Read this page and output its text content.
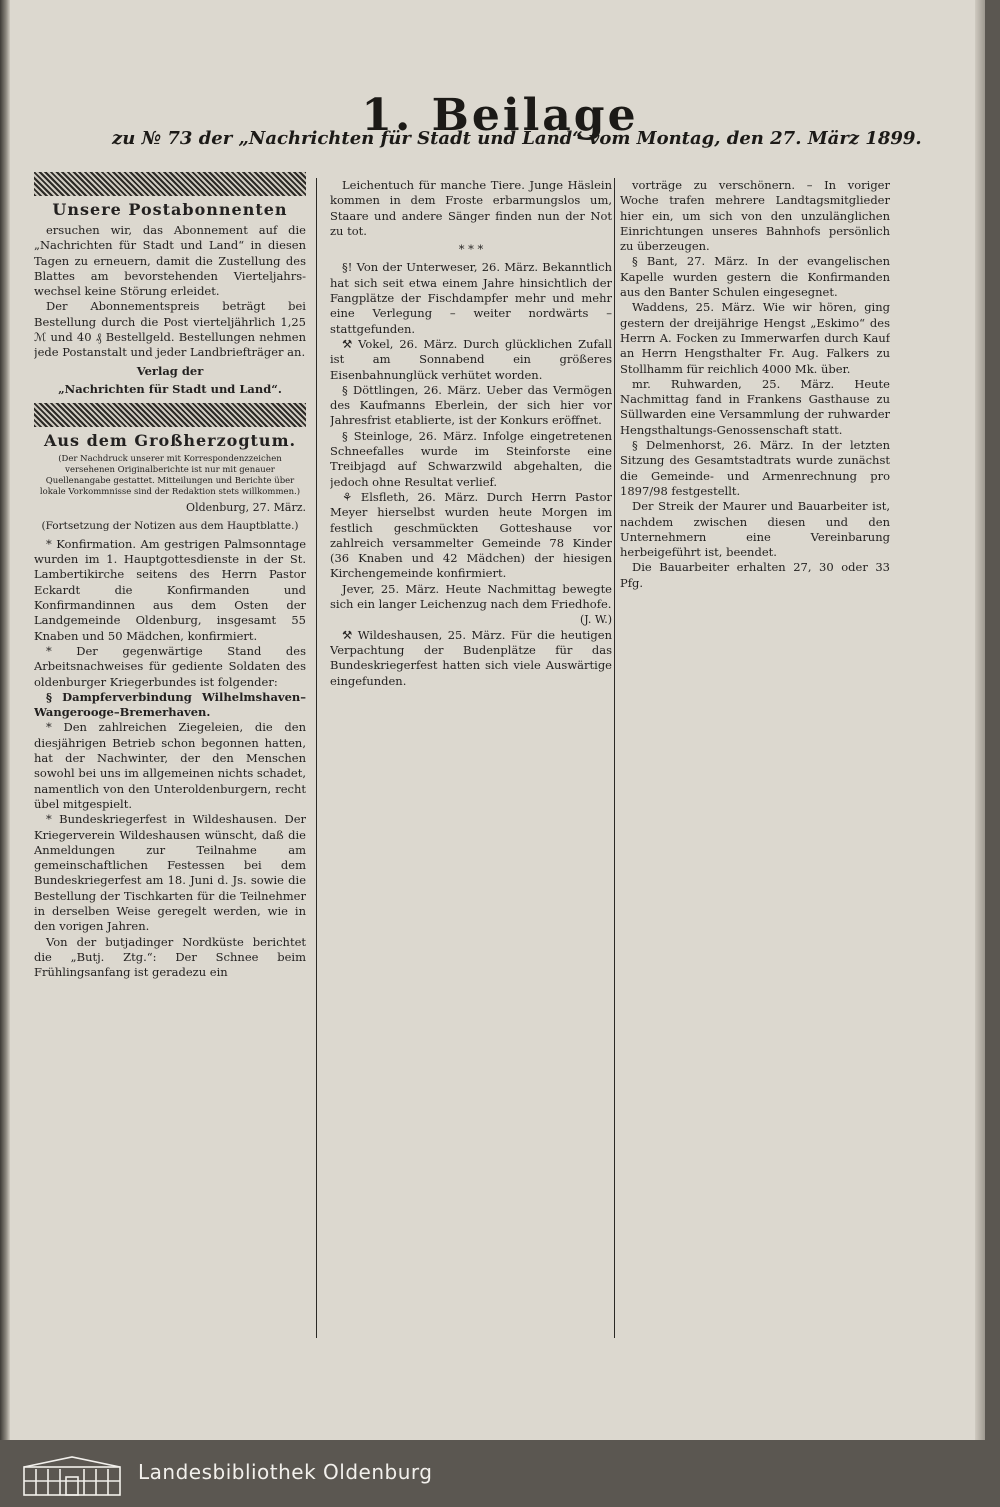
1. Beilage
zu № 73 der „Nachrichten für Stadt und Land“ vom Montag, den 27. März 1899.
Unsere Postabonnenten

ersuchen wir, das Abonnement auf die „Nachrichten für Stadt und Land“ in diesen Tagen zu erneuern, damit die Zustellung des Blattes am bevorstehenden Vierteljahrs-wechsel keine Störung erleidet.

Der Abonnementspreis beträgt bei Bestellung durch die Post vierteljährlich 1,25 ℳ und 40 ₰ Bestellgeld. Bestellungen nehmen jede Postanstalt und jeder Landbriefträger an.

Verlag der
„Nachrichten für Stadt und Land“.
Aus dem Großherzogtum.
(Der Nachdruck unserer mit Korrespondenzzeichen versehenen Originalberichte ist nur mit genauer Quellenangabe gestattet. Mitteilungen und Berichte über lokale Vorkommnisse sind der Redaktion stets willkommen.)

Oldenburg, 27. März.

(Fortsetzung der Notizen aus dem Hauptblatte.)

* Konfirmation. Am gestrigen Palmsonntage wurden im 1. Hauptgottesdienste in der St. Lambertikirche seitens des Herrn Pastor Eckardt die Konfirmanden und Konfirmandinnen aus dem Osten der Landgemeinde Oldenburg, insgesamt 55 Knaben und 50 Mädchen, konfirmiert.

* Der gegenwärtige Stand des Arbeitsnachweises für gediente Soldaten des oldenburger Kriegerbundes ist folgender:

§ Dampferverbindung Wilhelmshaven–Wangerooge–Bremerhaven.

* Den zahlreichen Ziegeleien, die den diesjährigen Betrieb schon begonnen hatten, hat der Nachwinter, der den Menschen sowohl bei uns im allgemeinen nichts schadet, namentlich von den Unteroldenburgern, recht übel mitgespielt.

* Bundeskriegerfest in Wildeshausen. Der Kriegerverein Wildeshausen wünscht, daß die Anmeldungen zur Teilnahme am gemeinschaftlichen Festessen bei dem Bundeskriegerfest am 18. Juni d. Js. sowie die Bestellung der Tischkarten für die Teilnehmer in derselben Weise geregelt werden, wie in den vorigen Jahren.

Von der butjadinger Nordküste berichtet die „Butj. Ztg.“: Der Schnee beim Frühlingsanfang ist geradezu ein

Leichentuch für manche Tiere. Junge Häslein kommen in dem Froste erbarmungslos um, Staare und andere Sänger finden nun der Not zu tot.

* * *

§! Von der Unterweser, 26. März. Bekanntlich hat sich seit etwa einem Jahre hinsichtlich der Fangplätze der Fischdampfer mehr und mehr eine Verlegung – weiter nordwärts – stattgefunden.

⚒ Vokel, 26. März. Durch glücklichen Zufall ist am Sonnabend ein größeres Eisenbahnunglück verhütet worden.

§ Döttlingen, 26. März. Ueber das Vermögen des Kaufmanns Eberlein, der sich hier vor Jahresfrist etablierte, ist der Konkurs eröffnet.

§ Steinloge, 26. März. Infolge eingetretenen Schneefalles wurde im Steinforste eine Treibjagd auf Schwarzwild abgehalten, die jedoch ohne Resultat verlief.

⚘ Elsfleth, 26. März. Durch Herrn Pastor Meyer hierselbst wurden heute Morgen im festlich geschmückten Gotteshause vor zahlreich versammelter Gemeinde 78 Kinder (36 Knaben und 42 Mädchen) der hiesigen Kirchengemeinde konfirmiert.

Jever, 25. März. Heute Nachmittag bewegte sich ein langer Leichenzug nach dem Friedhofe.

(J. W.)

⚒ Wildeshausen, 25. März. Für die heutigen Verpachtung der Budenplätze für das Bundeskriegerfest hatten sich viele Auswärtige eingefunden.

vorträge zu verschönern. – In voriger Woche trafen mehrere Landtagsmitglieder hier ein, um sich von den unzulänglichen Einrichtungen unseres Bahnhofs persönlich zu überzeugen.

§ Bant, 27. März. In der evangelischen Kapelle wurden gestern die Konfirmanden aus den Banter Schulen eingesegnet.

Waddens, 25. März. Wie wir hören, ging gestern der dreijährige Hengst „Eskimo“ des Herrn A. Focken zu Immerwarfen durch Kauf an Herrn Hengsthalter Fr. Aug. Falkers zu Stollhamm für reichlich 4000 Mk. über.

mr. Ruhwarden, 25. März. Heute Nachmittag fand in Frankens Gasthause zu Süllwarden eine Versammlung der ruhwarder Hengsthaltungs-Genossenschaft statt.

§ Delmenhorst, 26. März. In der letzten Sitzung des Gesamtstadtrats wurde zunächst die Gemeinde- und Armenrechnung pro 1897/98 festgestellt.

Der Streik der Maurer und Bauarbeiter ist, nachdem zwischen diesen und den Unternehmern eine Vereinbarung herbeigeführt ist, beendet.

Die Bauarbeiter erhalten 27, 30 oder 33 Pfg.

Landesbibliothek Oldenburg
